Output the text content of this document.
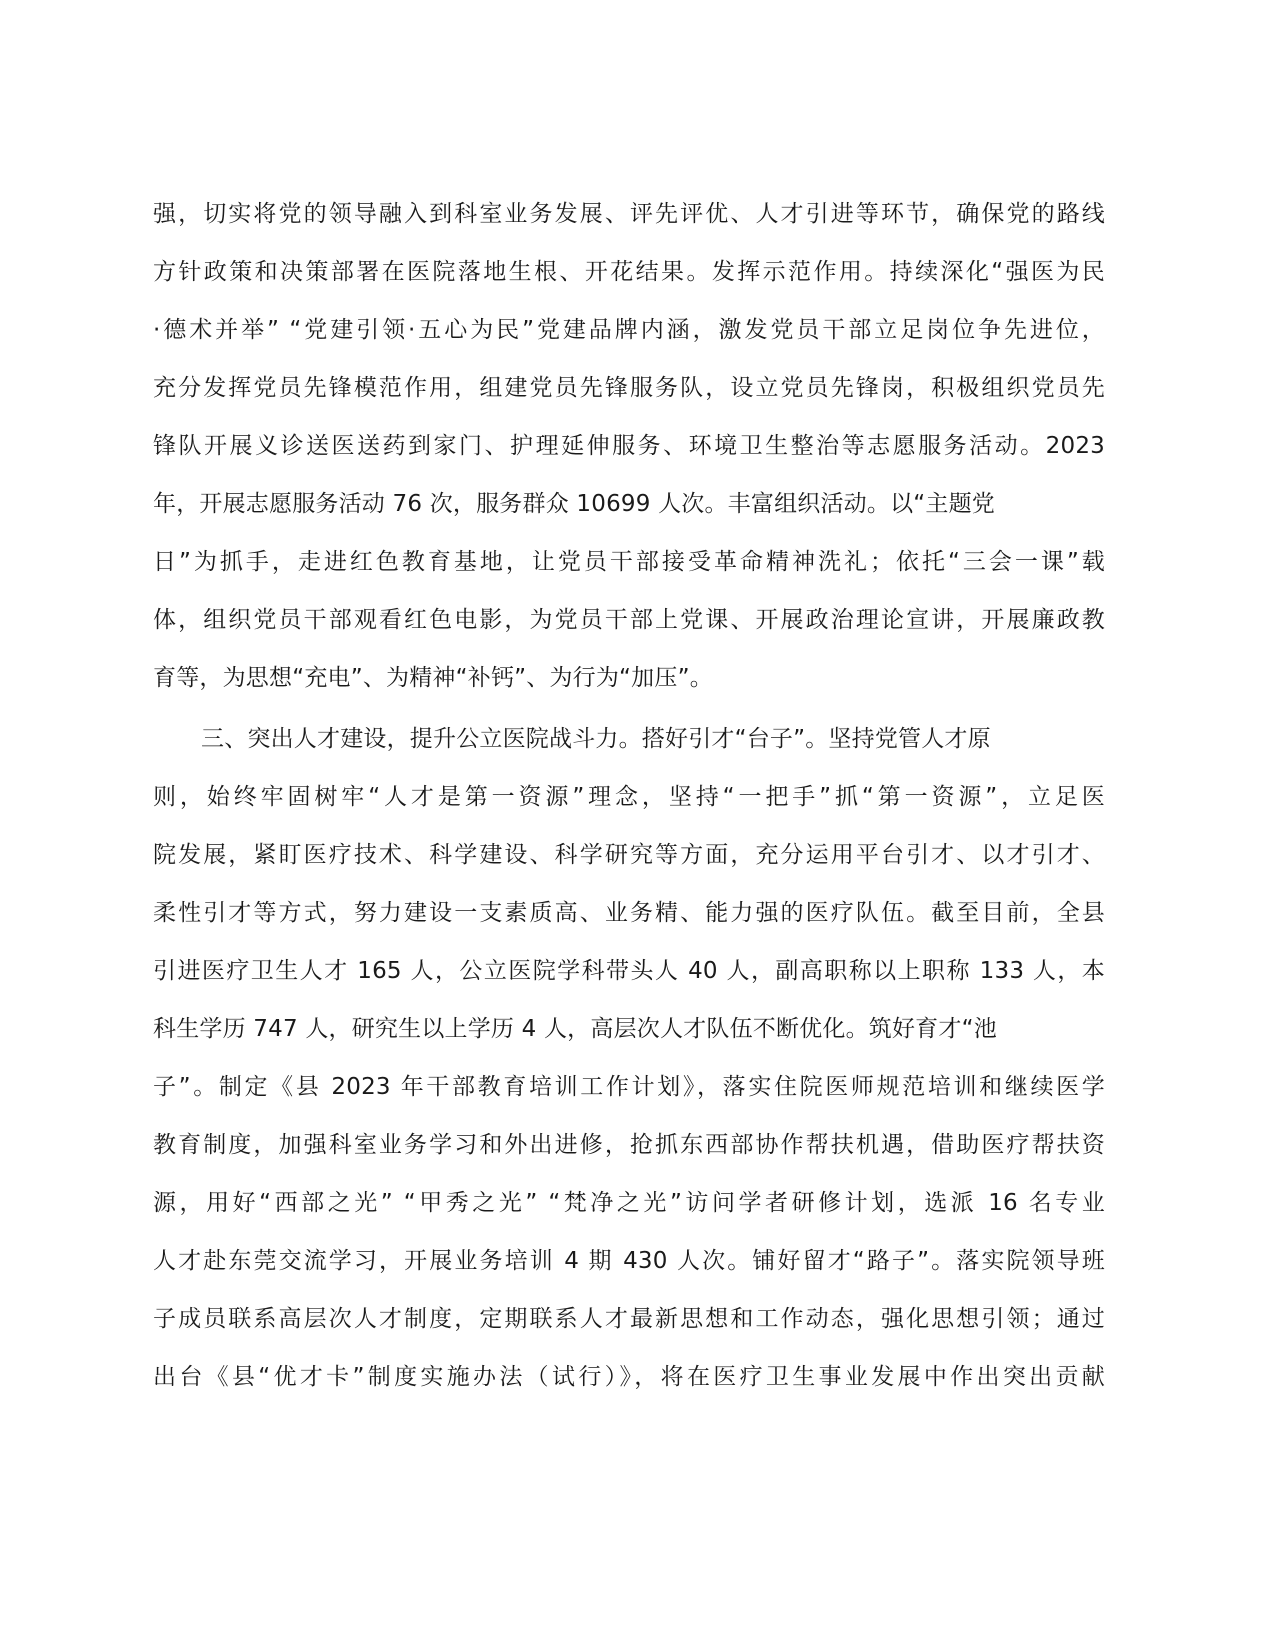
强，切实将党的领导融入到科室业务发展、评先评优、人才引进等环节，确保党的路线
方针政策和决策部署在医院落地生根、开花结果。发挥示范作用。持续深化“强医为民
·德术并举” “党建引领·五心为民”党建品牌内涵，激发党员干部立足岗位争先进位，
充分发挥党员先锋模范作用，组建党员先锋服务队，设立党员先锋岗，积极组织党员先
锋队开展义诊送医送药到家门、护理延伸服务、环境卫生整治等志愿服务活动。2023
年，开展志愿服务活动 76 次，服务群众 10699 人次。丰富组织活动。以“主题党
日”为抓手，走进红色教育基地，让党员干部接受革命精神洗礼；依托“三会一课”载
体，组织党员干部观看红色电影，为党员干部上党课、开展政治理论宣讲，开展廉政教
育等，为思想“充电”、为精神“补钙”、为行为“加压”。
三、突出人才建设，提升公立医院战斗力。搭好引才“台子”。坚持党管人才原
则，始终牢固树牢“人才是第一资源”理念，坚持“一把手”抓“第一资源”，立足医
院发展，紧盯医疗技术、科学建设、科学研究等方面，充分运用平台引才、以才引才、
柔性引才等方式，努力建设一支素质高、业务精、能力强的医疗队伍。截至目前，全县
引进医疗卫生人才 165 人，公立医院学科带头人 40 人，副高职称以上职称 133 人，本
科生学历 747 人，研究生以上学历 4 人，高层次人才队伍不断优化。筑好育才“池
子”。制定《县 2023 年干部教育培训工作计划》，落实住院医师规范培训和继续医学
教育制度，加强科室业务学习和外出进修，抢抓东西部协作帮扶机遇，借助医疗帮扶资
源，用好“西部之光” “甲秀之光” “梵净之光”访问学者研修计划，选派 16 名专业
人才赴东莞交流学习，开展业务培训 4 期 430 人次。铺好留才“路子”。落实院领导班
子成员联系高层次人才制度，定期联系人才最新思想和工作动态，强化思想引领；通过
出台《县“优才卡”制度实施办法（试行）》，将在医疗卫生事业发展中作出突出贡献
